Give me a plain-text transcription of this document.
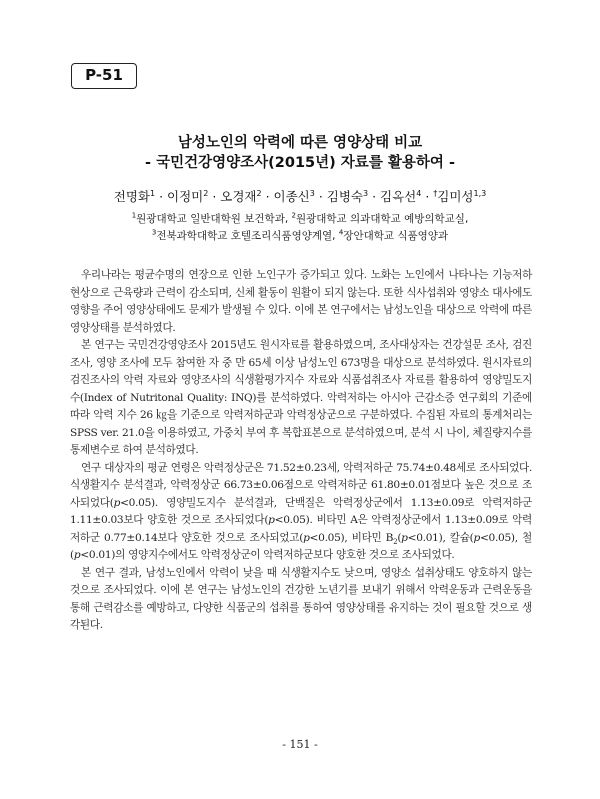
P-51
남성노인의 악력에 따른 영양상태 비교
- 국민건강영양조사(2015년) 자료를 활용하여 -
전명화$^1$ · 이정미$^2$ · 오경재$^2$ · 이종신$^3$ · 김병숙$^3$ · 김옥선$^4$ · †김미성$^{1,3}$
$^1$원광대학교 일반대학원 보건학과, $^2$원광대학교 의과대학교 예방의학교실,
$^3$전북과학대학교 호텔조리식품영양계열, $^4$장안대학교 식품영양과

우리나라는 평균수명의 연장으로 인한 노인구가 증가되고 있다. 노화는 노인에서 나타나는 기능저하 현상으로 근육량과 근력이 감소되며, 신체 활동이 원활이 되지 않는다. 또한 식사섭취와 영양소 대사에도 영향을 주어 영양상태에도 문제가 발생될 수 있다. 이에 본 연구에서는 남성노인을 대상으로 악력에 따른 영양상태를 분석하였다.

본 연구는 국민건강영양조사 2015년도 원시자료를 활용하였으며, 조사대상자는 건강설문 조사, 검진조사, 영양 조사에 모두 참여한 자 중 만 65세 이상 남성노인 673명을 대상으로 분석하였다. 원시자료의 검진조사의 악력 자료와 영양조사의 식생활평가지수 자료와 식품섭취조사 자료를 활용하여 영양밀도지수(Index of Nutritonal Quality: INQ)를 분석하였다. 악력저하는 아시아 근감소증 연구회의 기준에 따라 악력 지수 26 ㎏을 기준으로 악력저하군과 악력정상군으로 구분하였다. 수집된 자료의 통계처리는 SPSS ver. 21.0을 이용하였고, 가중치 부여 후 복합표본으로 분석하였으며, 분석 시 나이, 체질량지수를 통제변수로 하여 분석하였다.

연구 대상자의 평균 연령은 악력정상군은 71.52±0.23세, 악력저하군 75.74±0.48세로 조사되었다. 식생활지수 분석결과, 악력정상군 66.73±0.06점으로 악력저하군 61.80±0.01점보다 높은 것으로 조사되었다(p<0.05). 영양밀도지수 분석결과, 단백질은 악력정상군에서 1.13±0.09로 악력저하군 1.11±0.03보다 양호한 것으로 조사되었다(p<0.05). 비타민 A은 악력정상군에서 1.13±0.09로 악력저하군 0.77±0.14보다 양호한 것으로 조사되었고(p<0.05), 비타민 $B_2(p<0.01)$, 칼슘(p<0.05), 철(p<0.01)의 영양지수에서도 악력정상군이 악력저하군보다 양호한 것으로 조사되었다.

본 연구 결과, 남성노인에서 악력이 낮을 때 식생활지수도 낮으며, 영양소 섭취상태도 양호하지 않는 것으로 조사되었다. 이에 본 연구는 남성노인의 건강한 노년기를 보내기 위해서 악력운동과 근력운동을 통해 근력감소를 예방하고, 다양한 식품군의 섭취를 통하여 영양상태를 유지하는 것이 필요할 것으로 생각된다.

- 151 -
